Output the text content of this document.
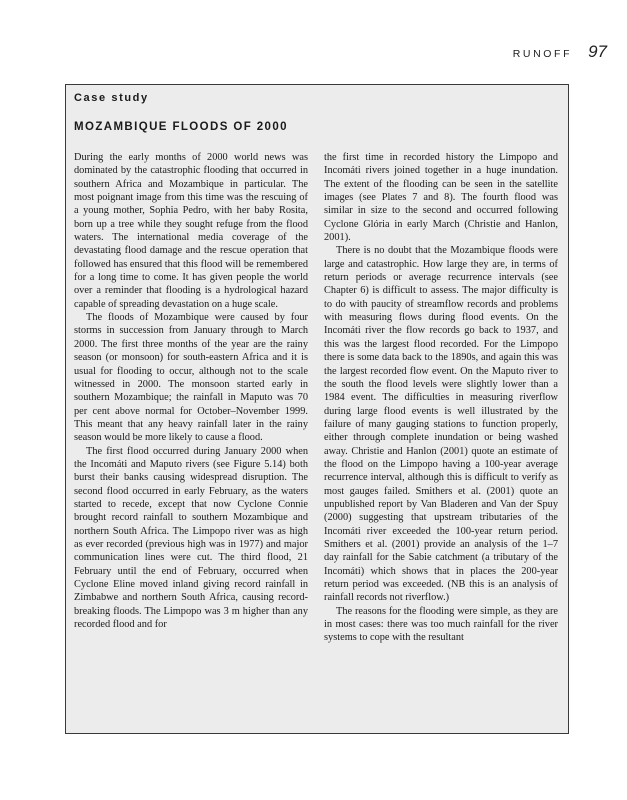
RUNOFF 97
Case study
MOZAMBIQUE FLOODS OF 2000

During the early months of 2000 world news was dominated by the catastrophic flooding that occurred in southern Africa and Mozambique in particular. The most poignant image from this time was the rescuing of a young mother, Sophia Pedro, with her baby Rosita, born up a tree while they sought refuge from the flood waters. The international media coverage of the devastating flood damage and the rescue operation that followed has ensured that this flood will be remembered for a long time to come. It has given people the world over a reminder that flooding is a hydrological hazard capable of spreading devastation on a huge scale.

The floods of Mozambique were caused by four storms in succession from January through to March 2000. The first three months of the year are the rainy season (or monsoon) for south-eastern Africa and it is usual for flooding to occur, although not to the scale witnessed in 2000. The monsoon started early in southern Mozambique; the rainfall in Maputo was 70 per cent above normal for October–November 1999. This meant that any heavy rainfall later in the rainy season would be more likely to cause a flood.

The first flood occurred during January 2000 when the Incomáti and Maputo rivers (see Figure 5.14) both burst their banks causing widespread disruption. The second flood occurred in early February, as the waters started to recede, except that now Cyclone Connie brought record rainfall to southern Mozambique and northern South Africa. The Limpopo river was as high as ever recorded (previous high was in 1977) and major communication lines were cut. The third flood, 21 February until the end of February, occurred when Cyclone Eline moved inland giving record rainfall in Zimbabwe and northern South Africa, causing record-breaking floods. The Limpopo was 3 m higher than any recorded flood and for

the first time in recorded history the Limpopo and Incomáti rivers joined together in a huge inundation. The extent of the flooding can be seen in the satellite images (see Plates 7 and 8). The fourth flood was similar in size to the second and occurred following Cyclone Glória in early March (Christie and Hanlon, 2001).

There is no doubt that the Mozambique floods were large and catastrophic. How large they are, in terms of return periods or average recurrence intervals (see Chapter 6) is difficult to assess. The major difficulty is to do with paucity of streamflow records and problems with measuring flows during flood events. On the Incomáti river the flow records go back to 1937, and this was the largest flood recorded. For the Limpopo there is some data back to the 1890s, and again this was the largest recorded flow event. On the Maputo river to the south the flood levels were slightly lower than a 1984 event. The difficulties in measuring riverflow during large flood events is well illustrated by the failure of many gauging stations to function properly, either through complete inundation or being washed away. Christie and Hanlon (2001) quote an estimate of the flood on the Limpopo having a 100-year average recurrence interval, although this is difficult to verify as most gauges failed. Smithers et al. (2001) quote an unpublished report by Van Bladeren and Van der Spuy (2000) suggesting that upstream tributaries of the Incomáti river exceeded the 100-year return period. Smithers et al. (2001) provide an analysis of the 1–7 day rainfall for the Sabie catchment (a tributary of the Incomáti) which shows that in places the 200-year return period was exceeded. (NB this is an analysis of rainfall records not riverflow.)

The reasons for the flooding were simple, as they are in most cases: there was too much rainfall for the river systems to cope with the resultant
